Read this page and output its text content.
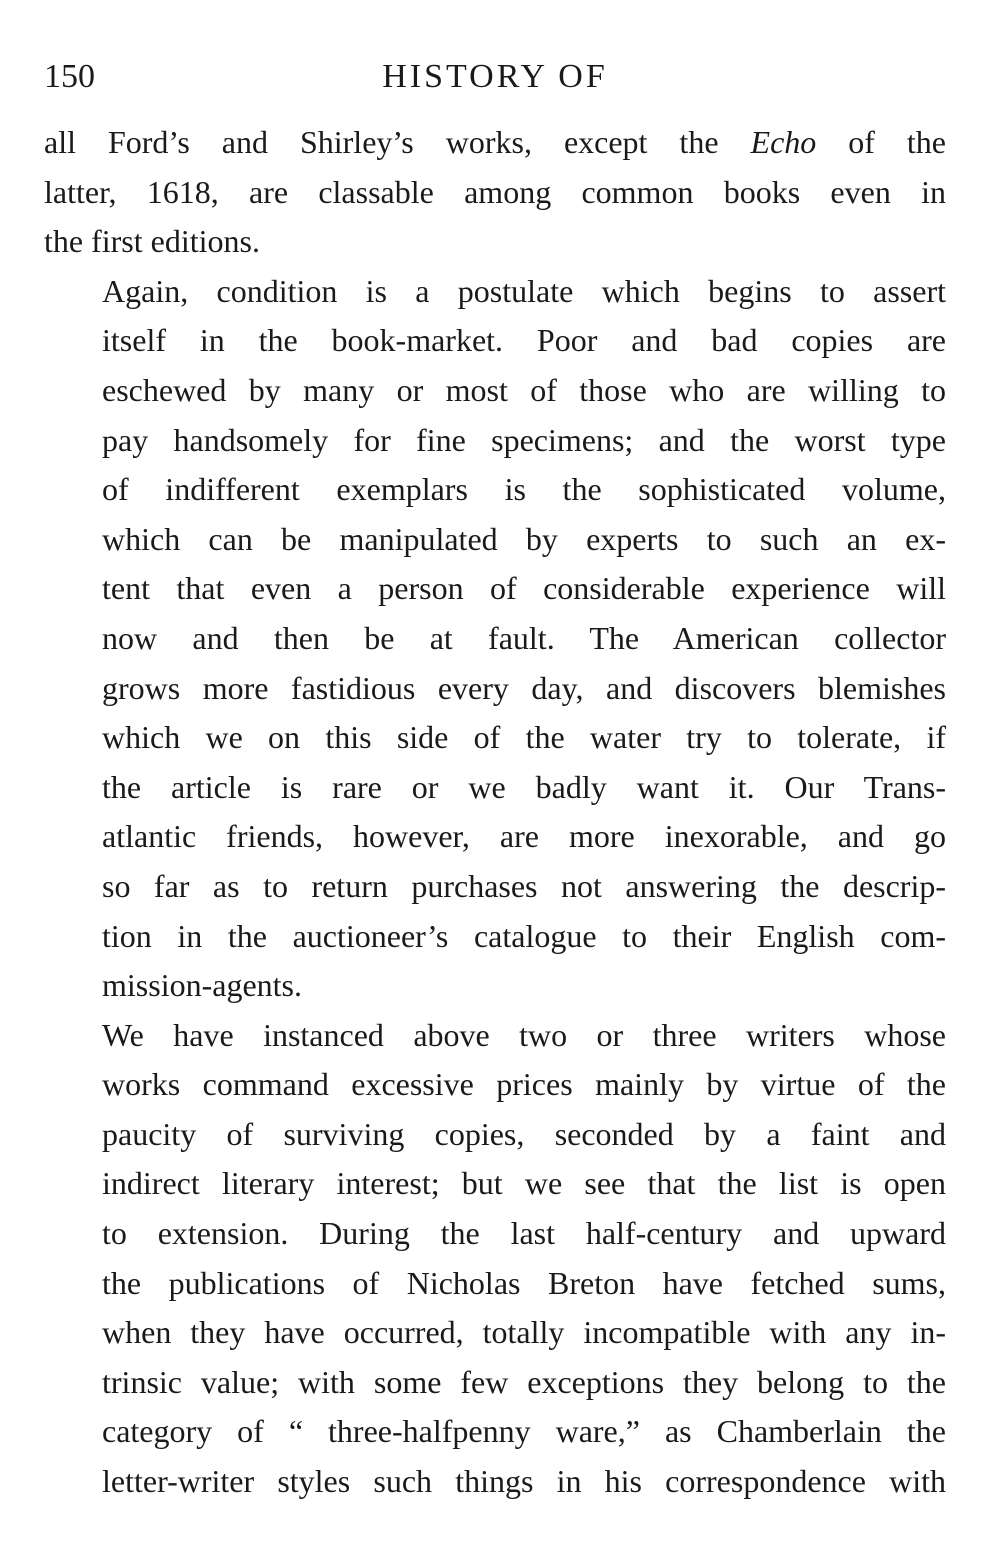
150	HISTORY OF

all Ford’s and Shirley’s works, except the Echo of the
latter, 1618, are classable among common books even in
the first editions.

Again, condition is a postulate which begins to assert
itself in the book-market. Poor and bad copies are
eschewed by many or most of those who are willing to
pay handsomely for fine specimens; and the worst type
of indifferent exemplars is the sophisticated volume,
which can be manipulated by experts to such an ex-
tent that even a person of considerable experience will
now and then be at fault. The American collector
grows more fastidious every day, and discovers blemishes
which we on this side of the water try to tolerate, if
the article is rare or we badly want it. Our Trans-
atlantic friends, however, are more inexorable, and go
so far as to return purchases not answering the descrip-
tion in the auctioneer’s catalogue to their English com-
mission-agents.

We have instanced above two or three writers whose
works command excessive prices mainly by virtue of the
paucity of surviving copies, seconded by a faint and
indirect literary interest; but we see that the list is open
to extension. During the last half-century and upward
the publications of Nicholas Breton have fetched sums,
when they have occurred, totally incompatible with any in-
trinsic value; with some few exceptions they belong to the
category of “ three-halfpenny ware,” as Chamberlain the
letter-writer styles such things in his correspondence with
